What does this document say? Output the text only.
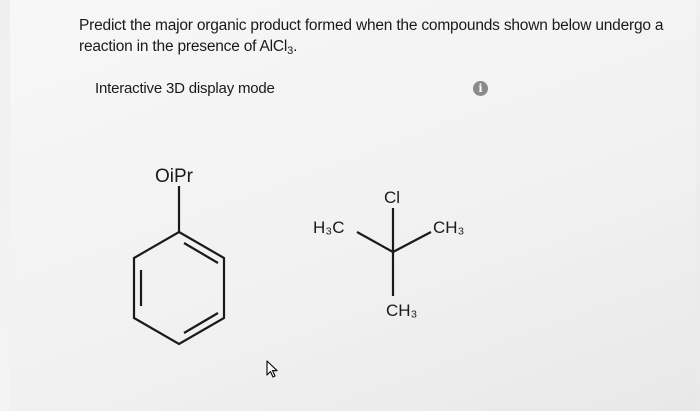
Predict the major organic product formed when the compounds shown below undergo a reaction in the presence of AlCl$_3$.
Interactive 3D display mode	i
OiPr
Cl
H₃C	CH₃
CH₃
